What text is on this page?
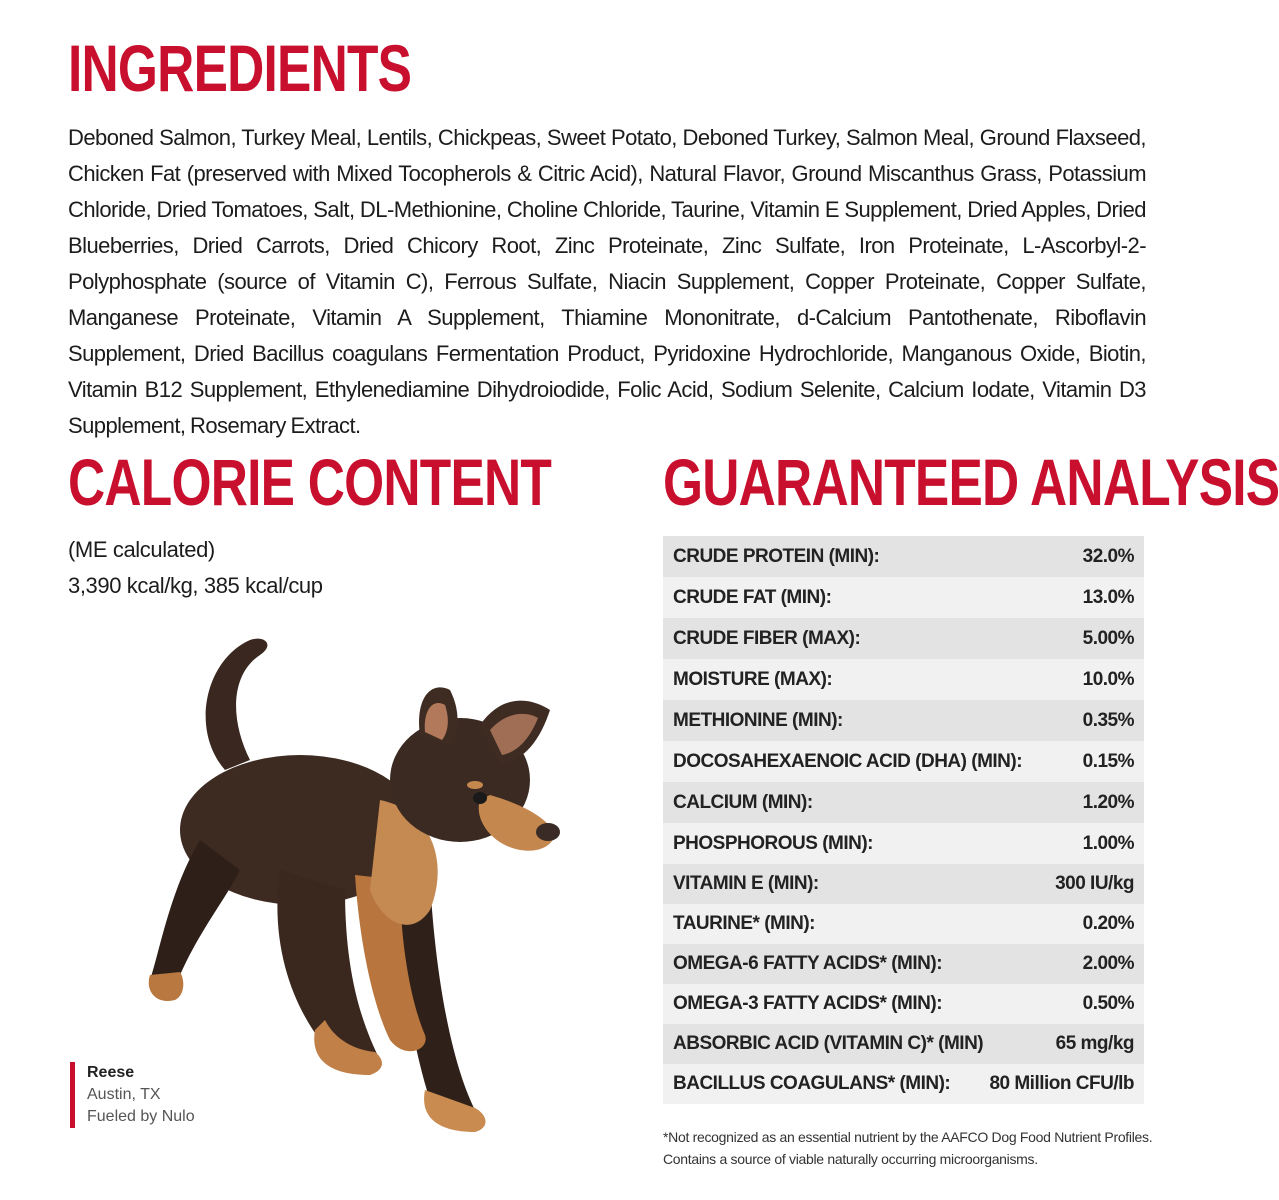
INGREDIENTS
Deboned Salmon, Turkey Meal, Lentils, Chickpeas, Sweet Potato, Deboned Turkey, Salmon Meal, Ground Flaxseed, Chicken Fat (preserved with Mixed Tocopherols & Citric Acid), Natural Flavor, Ground Miscanthus Grass, Potassium Chloride, Dried Tomatoes, Salt, DL-Methionine, Choline Chloride, Taurine, Vitamin E Supplement, Dried Apples, Dried Blueberries, Dried Carrots, Dried Chicory Root, Zinc Proteinate, Zinc Sulfate, Iron Proteinate, L-Ascorbyl-2-Polyphosphate (source of Vitamin C), Ferrous Sulfate, Niacin Supplement, Copper Proteinate, Copper Sulfate, Manganese Proteinate, Vitamin A Supplement, Thiamine Mononitrate, d-Calcium Pantothenate, Riboflavin Supplement, Dried Bacillus coagulans Fermentation Product, Pyridoxine Hydrochloride, Manganous Oxide, Biotin, Vitamin B12 Supplement, Ethylenediamine Dihydroiodide, Folic Acid, Sodium Selenite, Calcium Iodate, Vitamin D3 Supplement, Rosemary Extract.
CALORIE CONTENT
(ME calculated)
3,390 kcal/kg, 385 kcal/cup
Reese
Austin, TX
Fueled by Nulo
GUARANTEED ANALYSIS
CRUDE PROTEIN (MIN):	32.0%
CRUDE FAT (MIN):	13.0%
CRUDE FIBER (MAX):	5.00%
MOISTURE (MAX):	10.0%
METHIONINE (MIN):	0.35%
DOCOSAHEXAENOIC ACID (DHA) (MIN):	0.15%
CALCIUM (MIN):	1.20%
PHOSPHOROUS (MIN):	1.00%
VITAMIN E (MIN):	300 IU/kg
TAURINE* (MIN):	0.20%
OMEGA-6 FATTY ACIDS* (MIN):	2.00%
OMEGA-3 FATTY ACIDS* (MIN):	0.50%
ABSORBIC ACID (VITAMIN C)* (MIN)	65 mg/kg
BACILLUS COAGULANS* (MIN): 80 Million CFU/lb
*Not recognized as an essential nutrient by the AAFCO Dog Food Nutrient Profiles.
Contains a source of viable naturally occurring microorganisms.
